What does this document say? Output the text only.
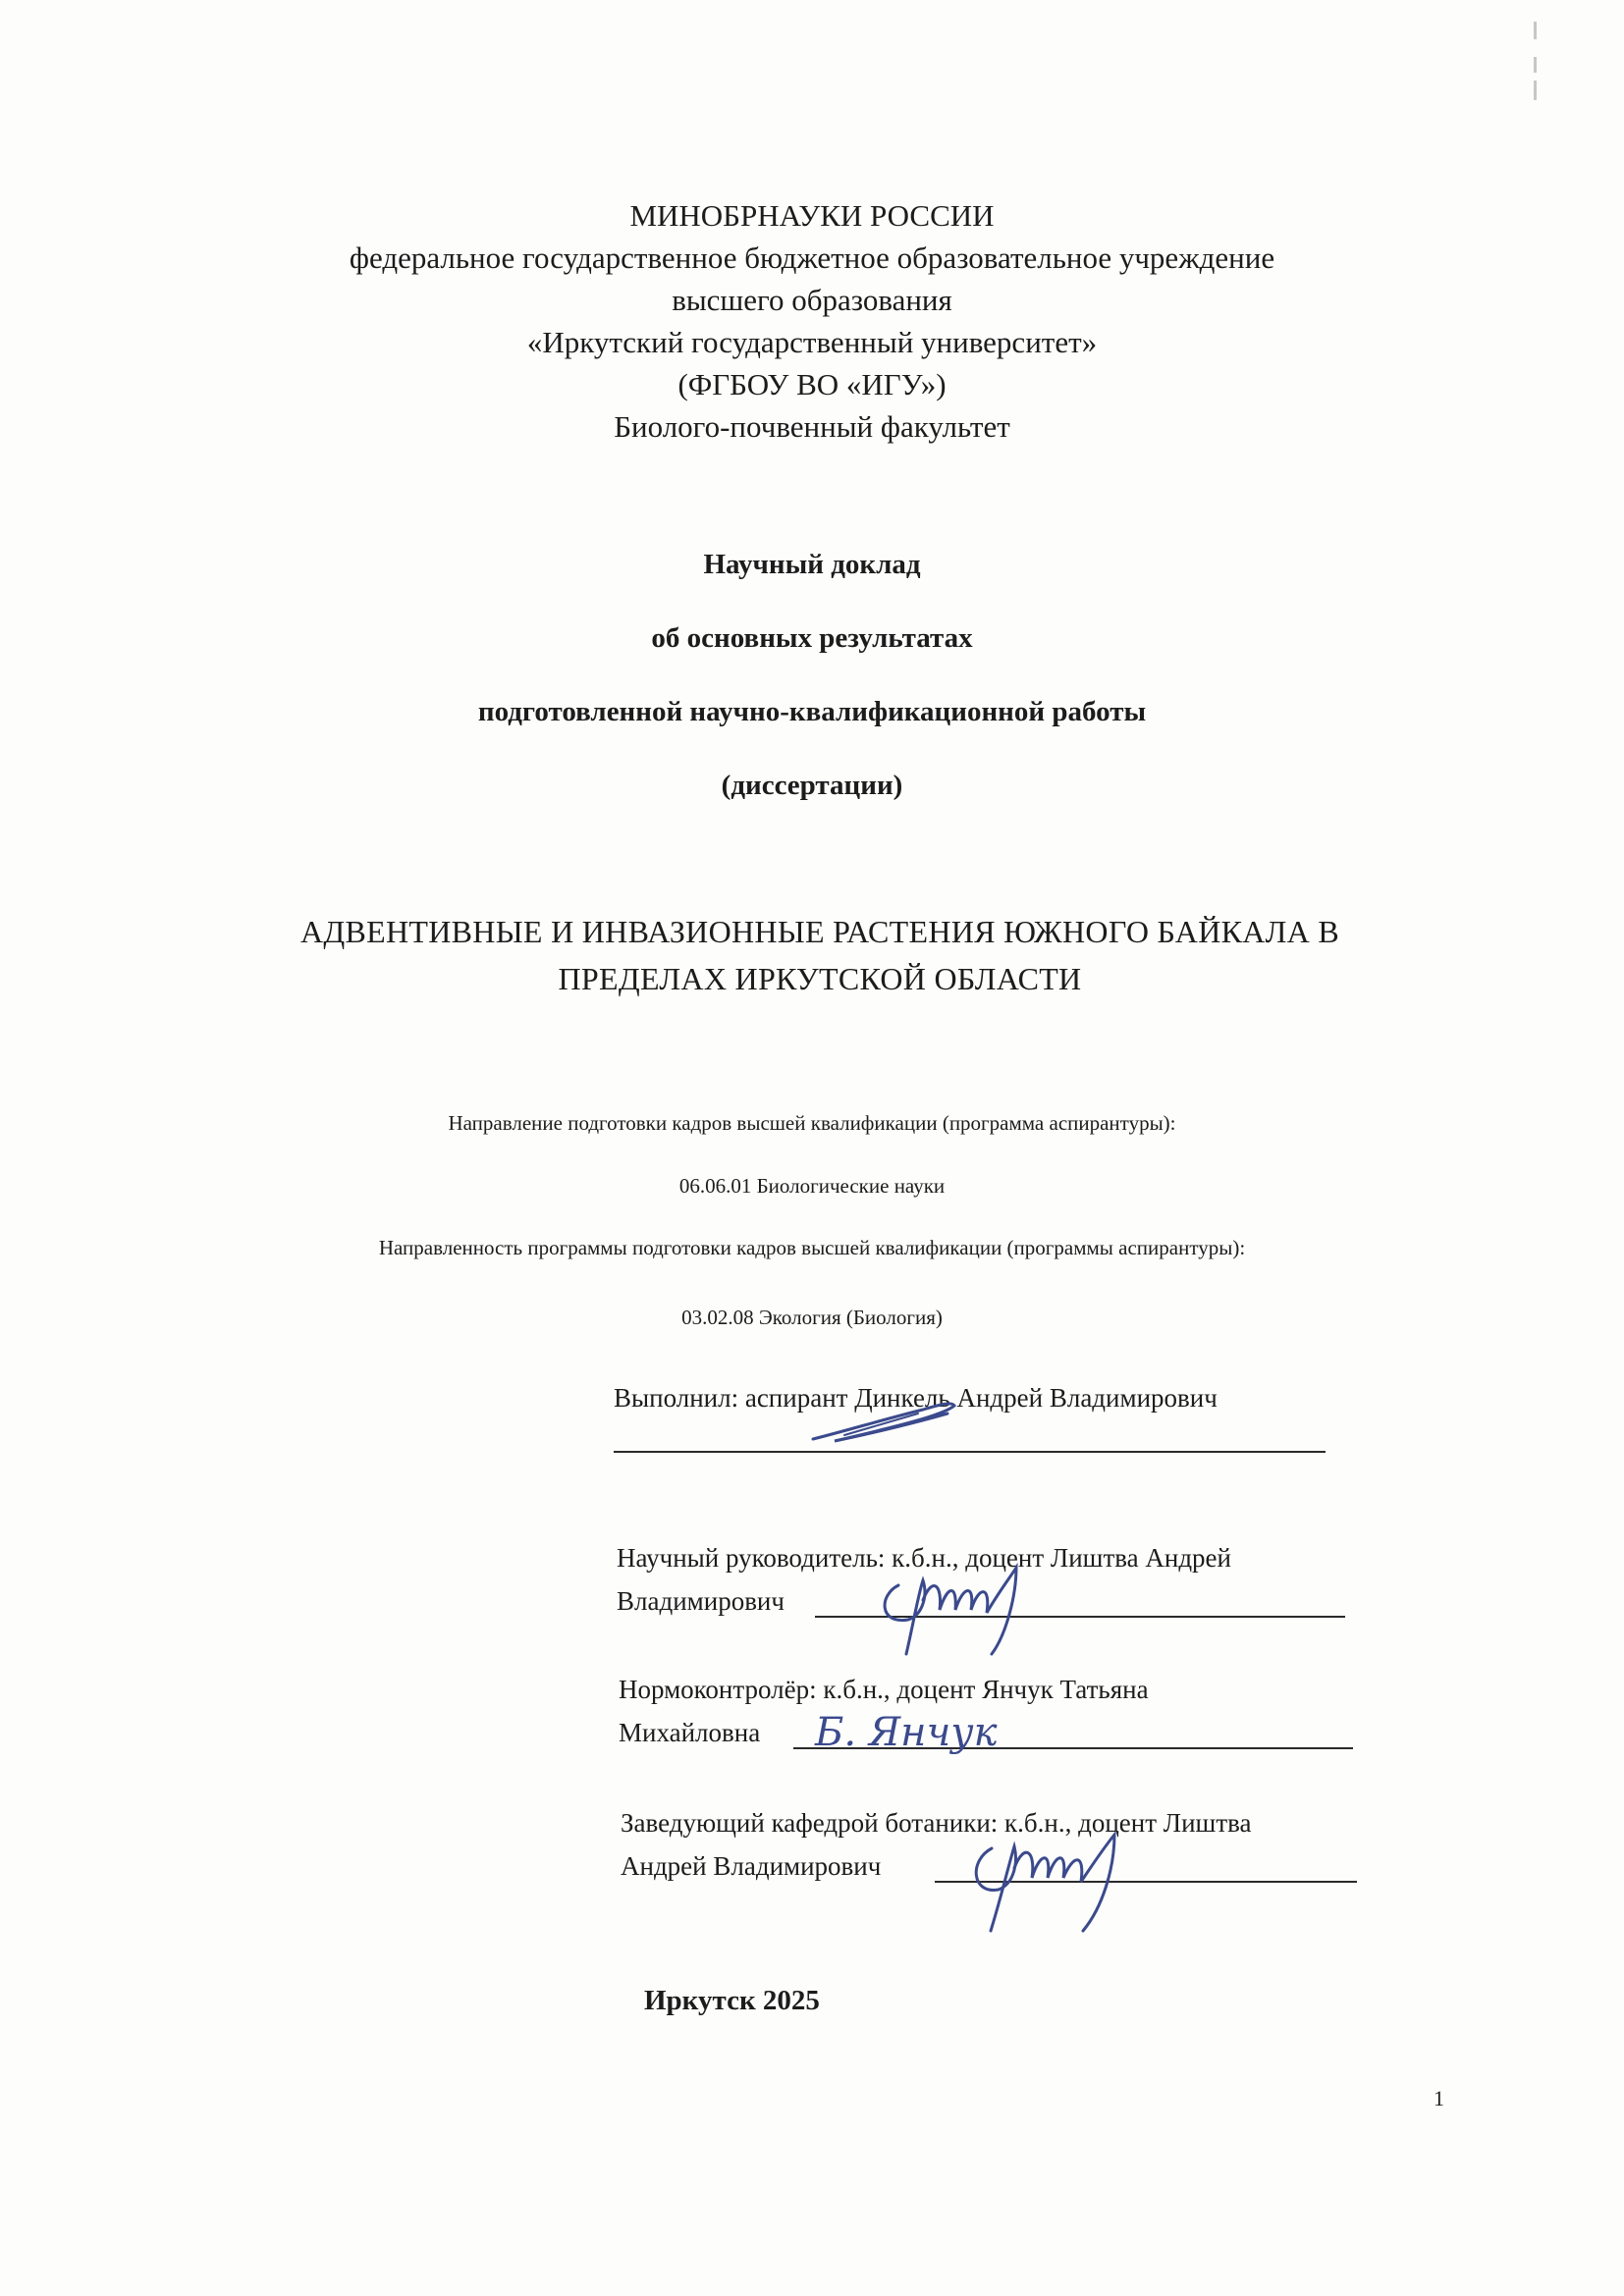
МИНОБРНАУКИ РОССИИ
федеральное государственное бюджетное образовательное учреждение
высшего образования
«Иркутский государственный университет»
(ФГБОУ ВО «ИГУ»)
Биолого-почвенный факультет
Научный доклад
об основных результатах
подготовленной научно-квалификационной работы
(диссертации)
АДВЕНТИВНЫЕ И ИНВАЗИОННЫЕ РАСТЕНИЯ ЮЖНОГО БАЙКАЛА В
ПРЕДЕЛАХ ИРКУТСКОЙ ОБЛАСТИ
Направление подготовки кадров высшей квалификации (программа аспирантуры):
06.06.01 Биологические науки
Направленность программы подготовки кадров высшей квалификации (программы аспирантуры):
03.02.08 Экология (Биология)
Выполнил: аспирант Динкель Андрей Владимирович
Научный руководитель: к.б.н., доцент Лиштва Андрей
Владимирович
Нормоконтролёр: к.б.н., доцент Янчук Татьяна
Михайловна Б. Янчук
Заведующий кафедрой ботаники: к.б.н., доцент Лиштва
Андрей Владимирович
Иркутск 2025
1
